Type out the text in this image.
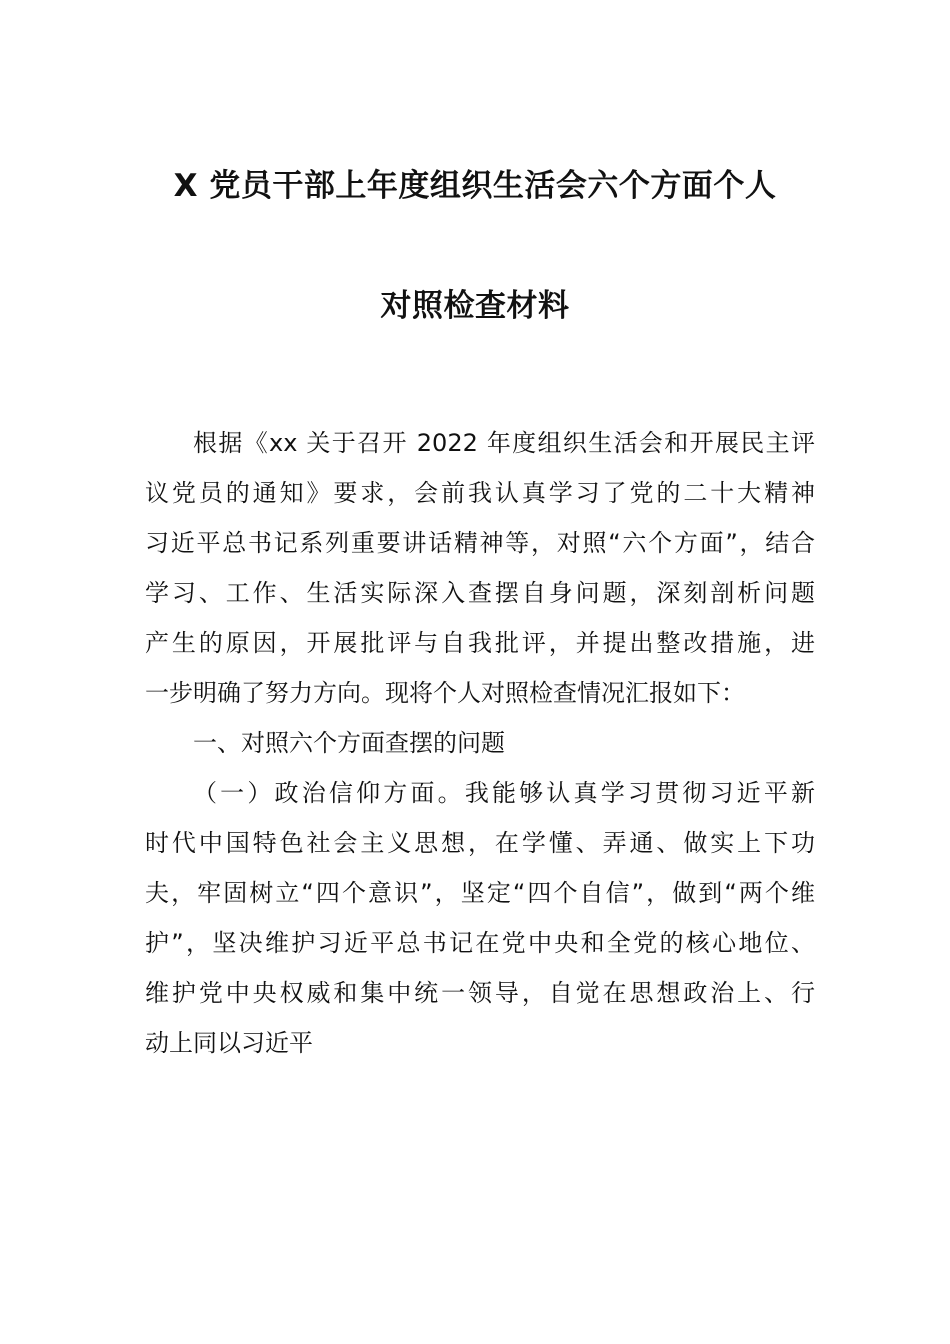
X 党员干部上年度组织生活会六个方面个人
对照检查材料
根据《xx 关于召开 2022 年度组织生活会和开展民主评
议党员的通知》要求，会前我认真学习了党的二十大精神
习近平总书记系列重要讲话精神等，对照“六个方面”，结合
学习、工作、生活实际深入查摆自身问题，深刻剖析问题
产生的原因，开展批评与自我批评，并提出整改措施，进
一步明确了努力方向。现将个人对照检查情况汇报如下：
一、对照六个方面查摆的问题
（一）政治信仰方面。我能够认真学习贯彻习近平新
时代中国特色社会主义思想，在学懂、弄通、做实上下功
夫，牢固树立“四个意识”，坚定“四个自信”，做到“两个维
护”，坚决维护习近平总书记在党中央和全党的核心地位、
维护党中央权威和集中统一领导，自觉在思想政治上、行
动上同以习近平
